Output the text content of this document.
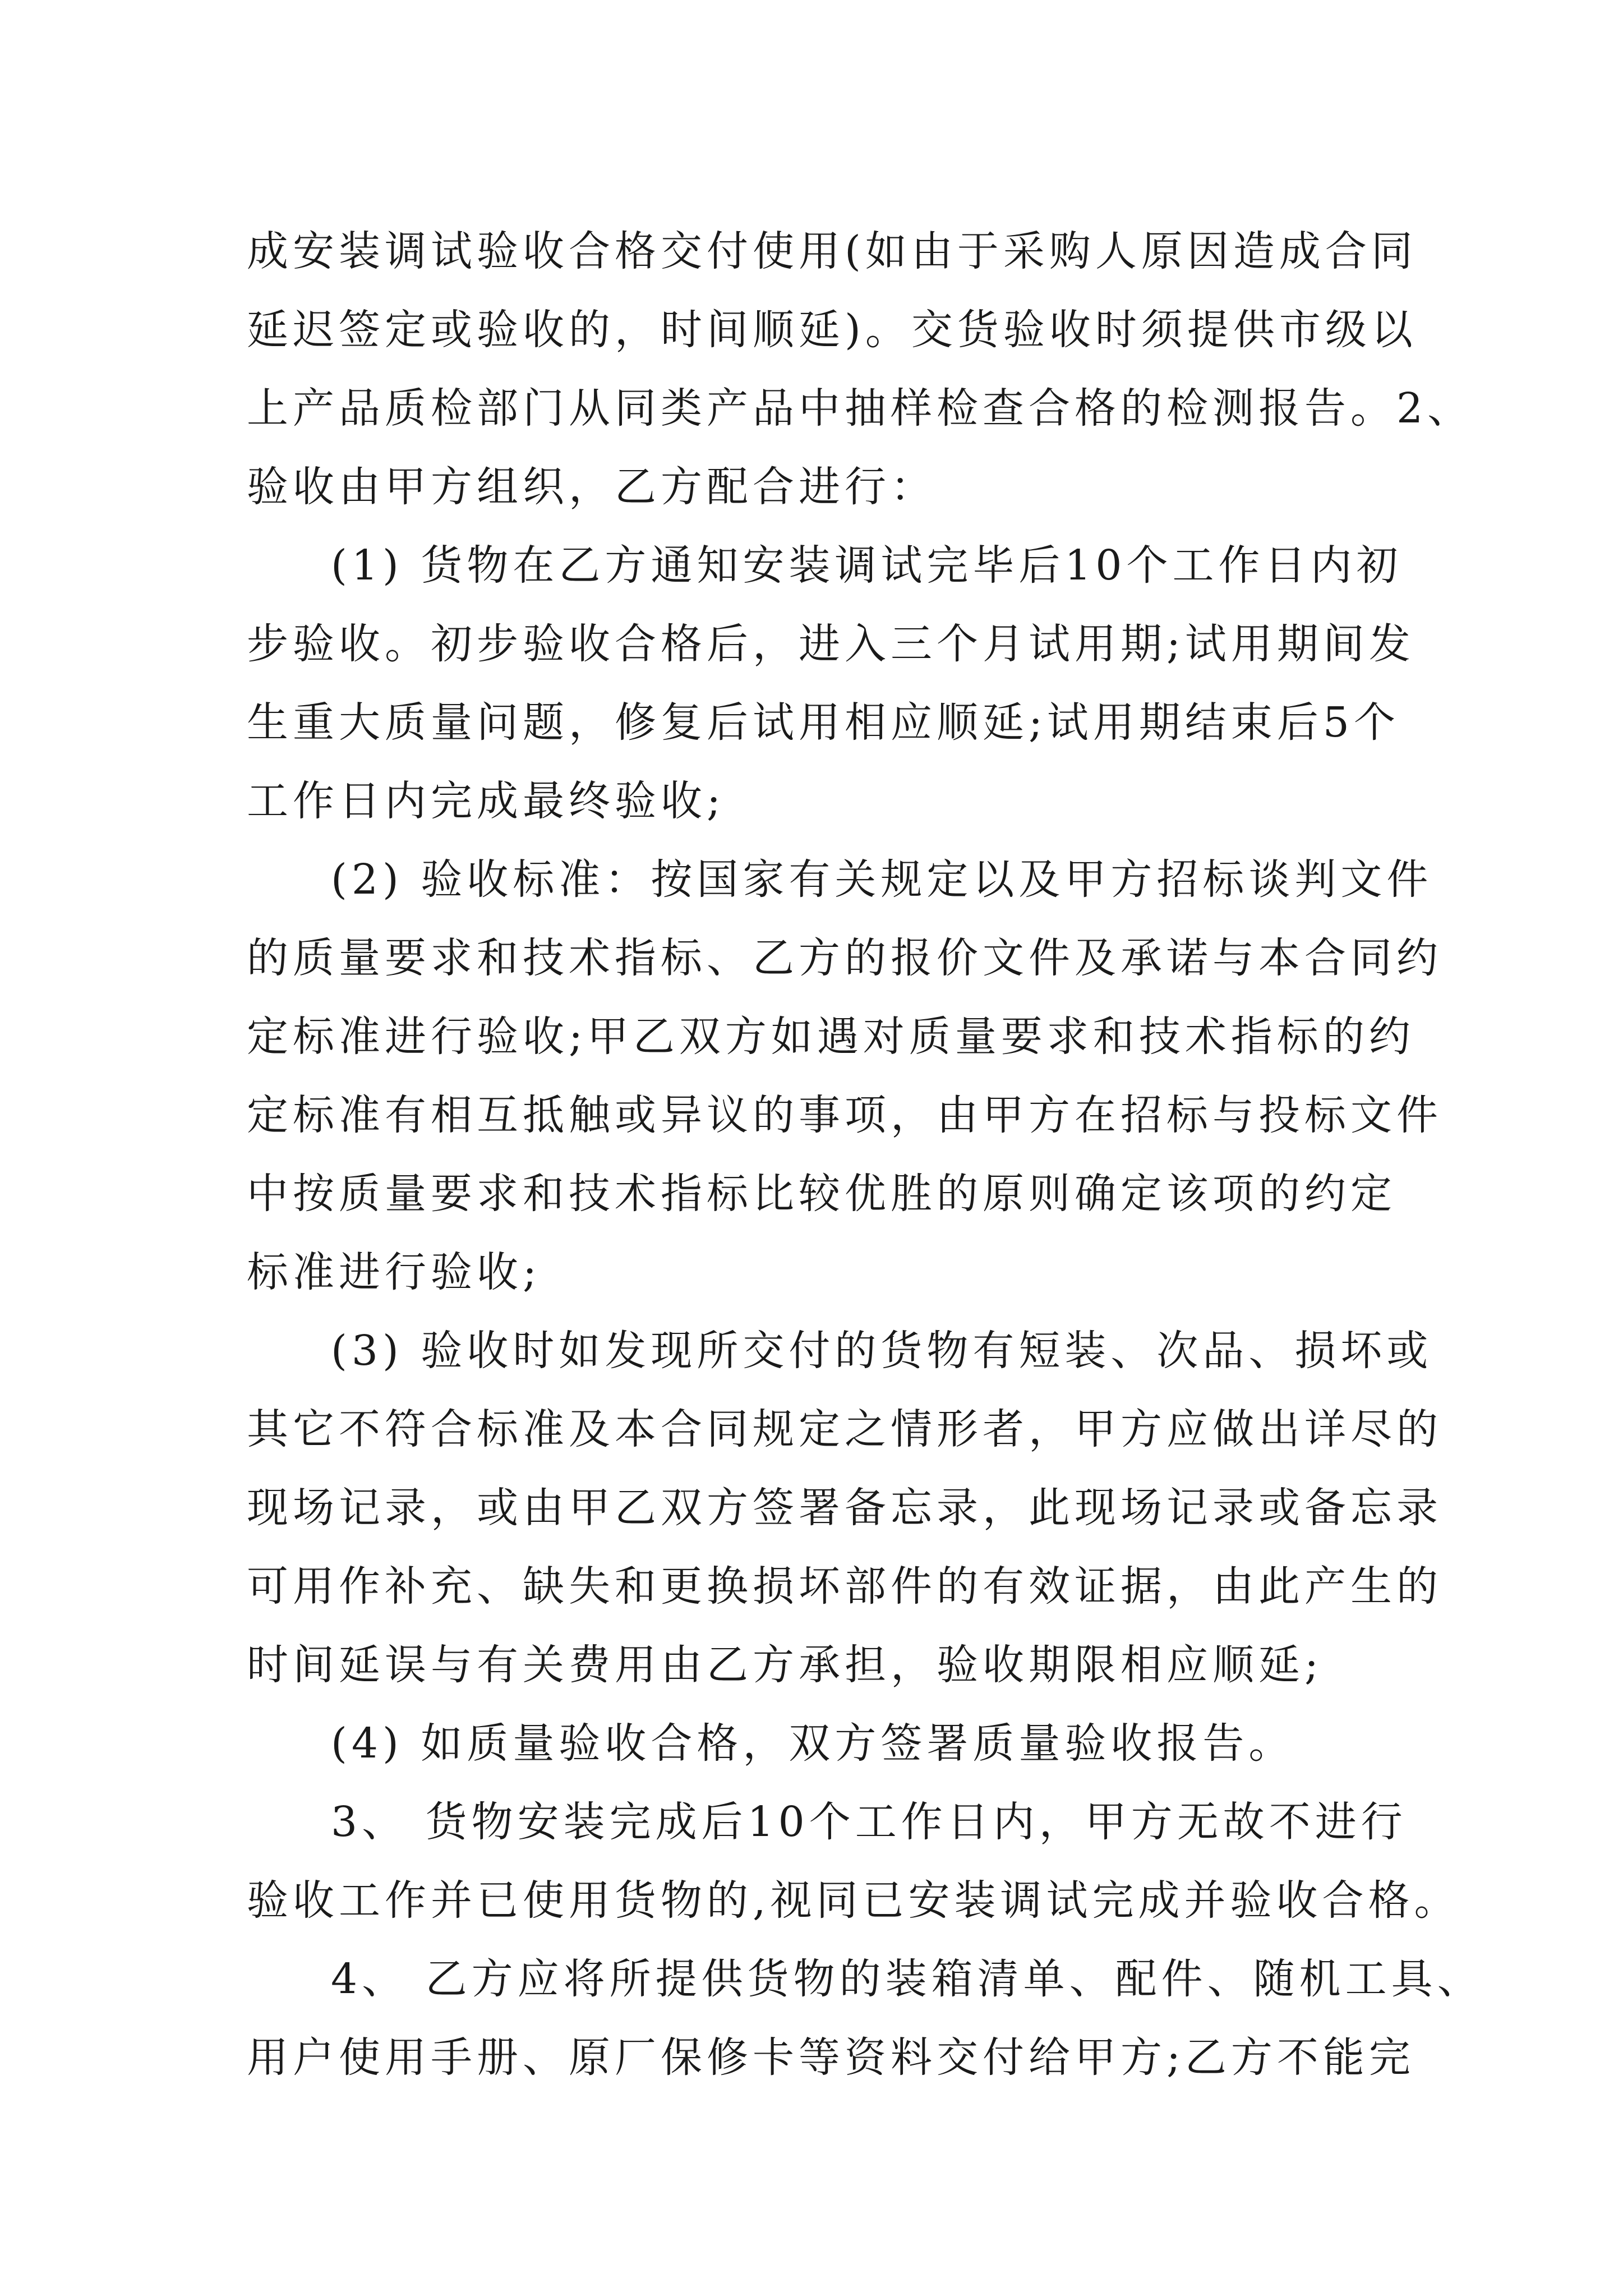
成安装调试验收合格交付使用(如由于采购人原因造成合同
延迟签定或验收的，时间顺延)。交货验收时须提供市级以
上产品质检部门从同类产品中抽样检查合格的检测报告。2、
验收由甲方组织，乙方配合进行：
(1) 货物在乙方通知安装调试完毕后10个工作日内初
步验收。初步验收合格后，进入三个月试用期;试用期间发
生重大质量问题，修复后试用相应顺延;试用期结束后5个
工作日内完成最终验收;
(2) 验收标准：按国家有关规定以及甲方招标谈判文件
的质量要求和技术指标、乙方的报价文件及承诺与本合同约
定标准进行验收;甲乙双方如遇对质量要求和技术指标的约
定标准有相互抵触或异议的事项，由甲方在招标与投标文件
中按质量要求和技术指标比较优胜的原则确定该项的约定
标准进行验收;
(3) 验收时如发现所交付的货物有短装、次品、损坏或
其它不符合标准及本合同规定之情形者，甲方应做出详尽的
现场记录，或由甲乙双方签署备忘录，此现场记录或备忘录
可用作补充、缺失和更换损坏部件的有效证据，由此产生的
时间延误与有关费用由乙方承担，验收期限相应顺延;
(4) 如质量验收合格，双方签署质量验收报告。
3、 货物安装完成后10个工作日内，甲方无故不进行
验收工作并已使用货物的,视同已安装调试完成并验收合格。
4、 乙方应将所提供货物的装箱清单、配件、随机工具、
用户使用手册、原厂保修卡等资料交付给甲方;乙方不能完
